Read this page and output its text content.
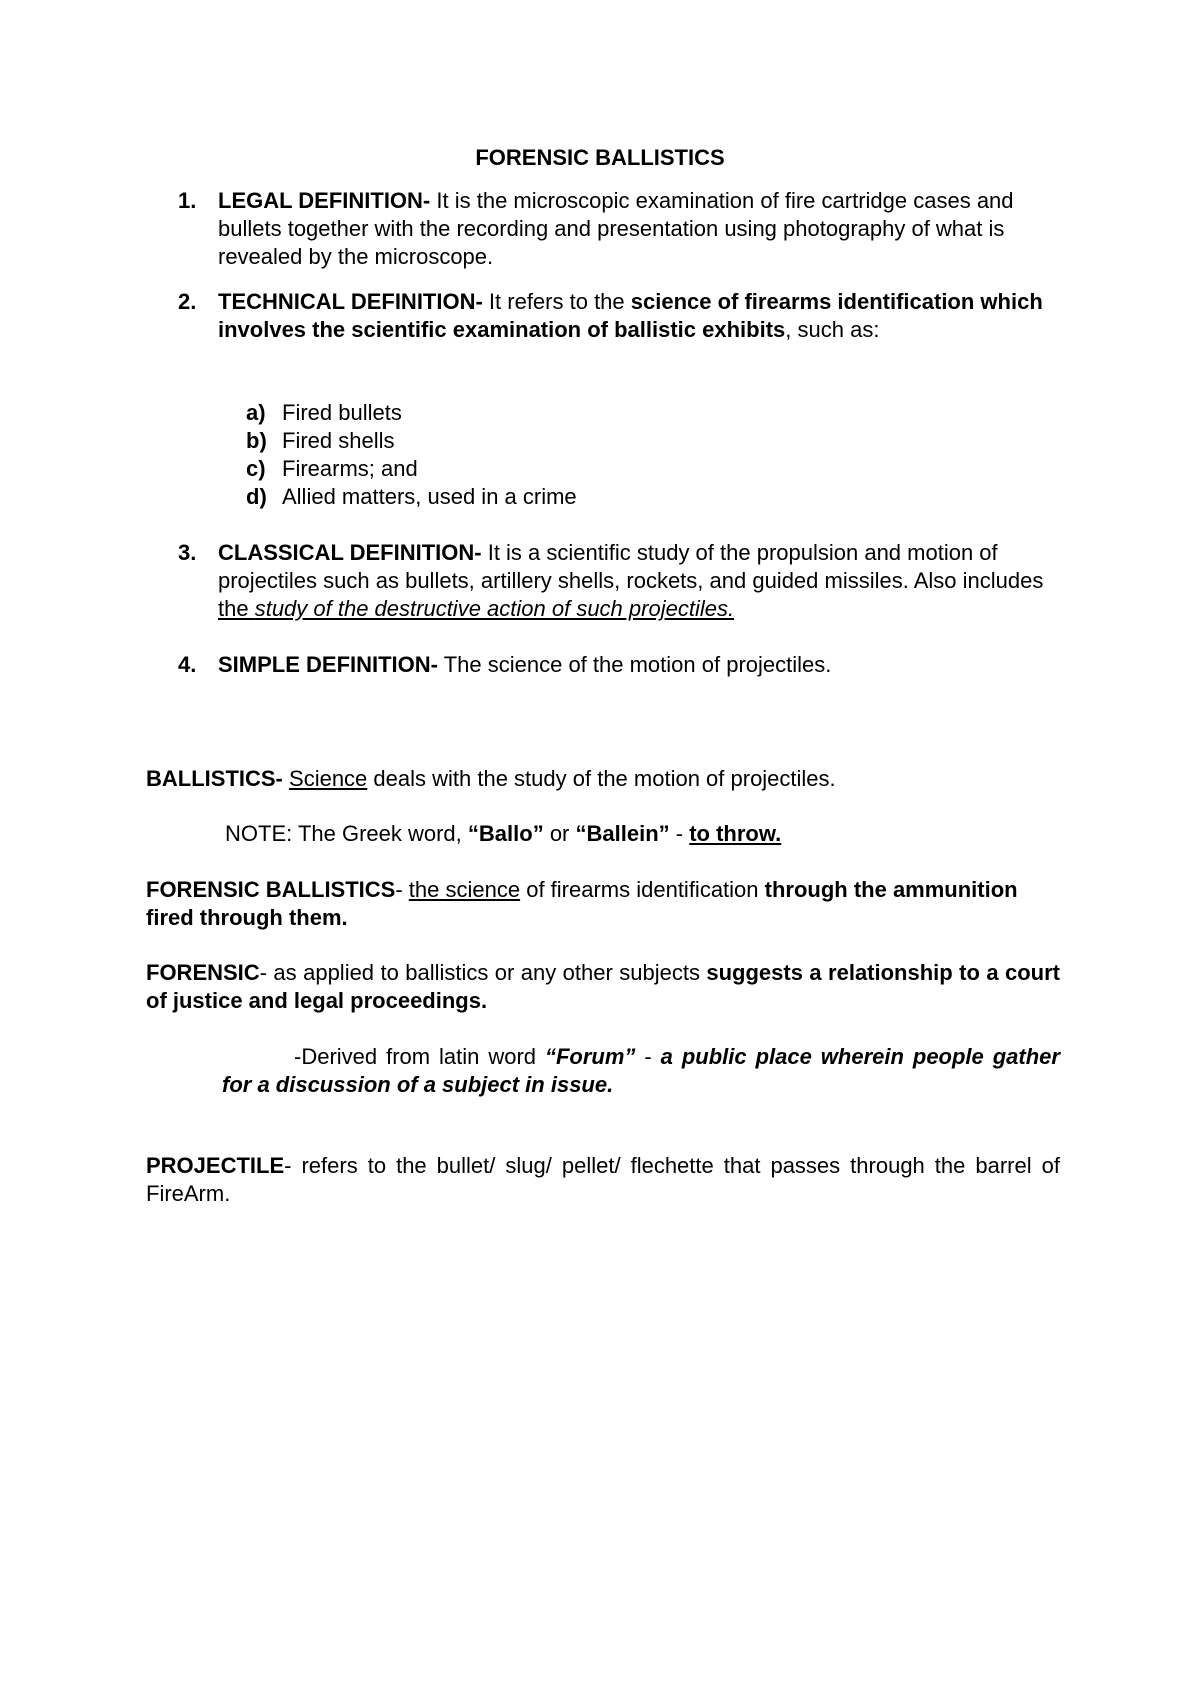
FORENSIC BALLISTICS
1. LEGAL DEFINITION- It is the microscopic examination of fire cartridge cases and bullets together with the recording and presentation using photography of what is revealed by the microscope.
2. TECHNICAL DEFINITION- It refers to the science of firearms identification which involves the scientific examination of ballistic exhibits, such as:
a) Fired bullets
b) Fired shells
c) Firearms; and
d) Allied matters, used in a crime
3. CLASSICAL DEFINITION- It is a scientific study of the propulsion and motion of projectiles such as bullets, artillery shells, rockets, and guided missiles. Also includes the study of the destructive action of such projectiles.
4. SIMPLE DEFINITION- The science of the motion of projectiles.
BALLISTICS- Science deals with the study of the motion of projectiles.
NOTE: The Greek word, “Ballo” or “Ballein” - to throw.
FORENSIC BALLISTICS- the science of firearms identification through the ammunition fired through them.
FORENSIC- as applied to ballistics or any other subjects suggests a relationship to a court of justice and legal proceedings.
-Derived from latin word “Forum” - a public place wherein people gather for a discussion of a subject in issue.
PROJECTILE- refers to the bullet/ slug/ pellet/ flechette that passes through the barrel of FireArm.
